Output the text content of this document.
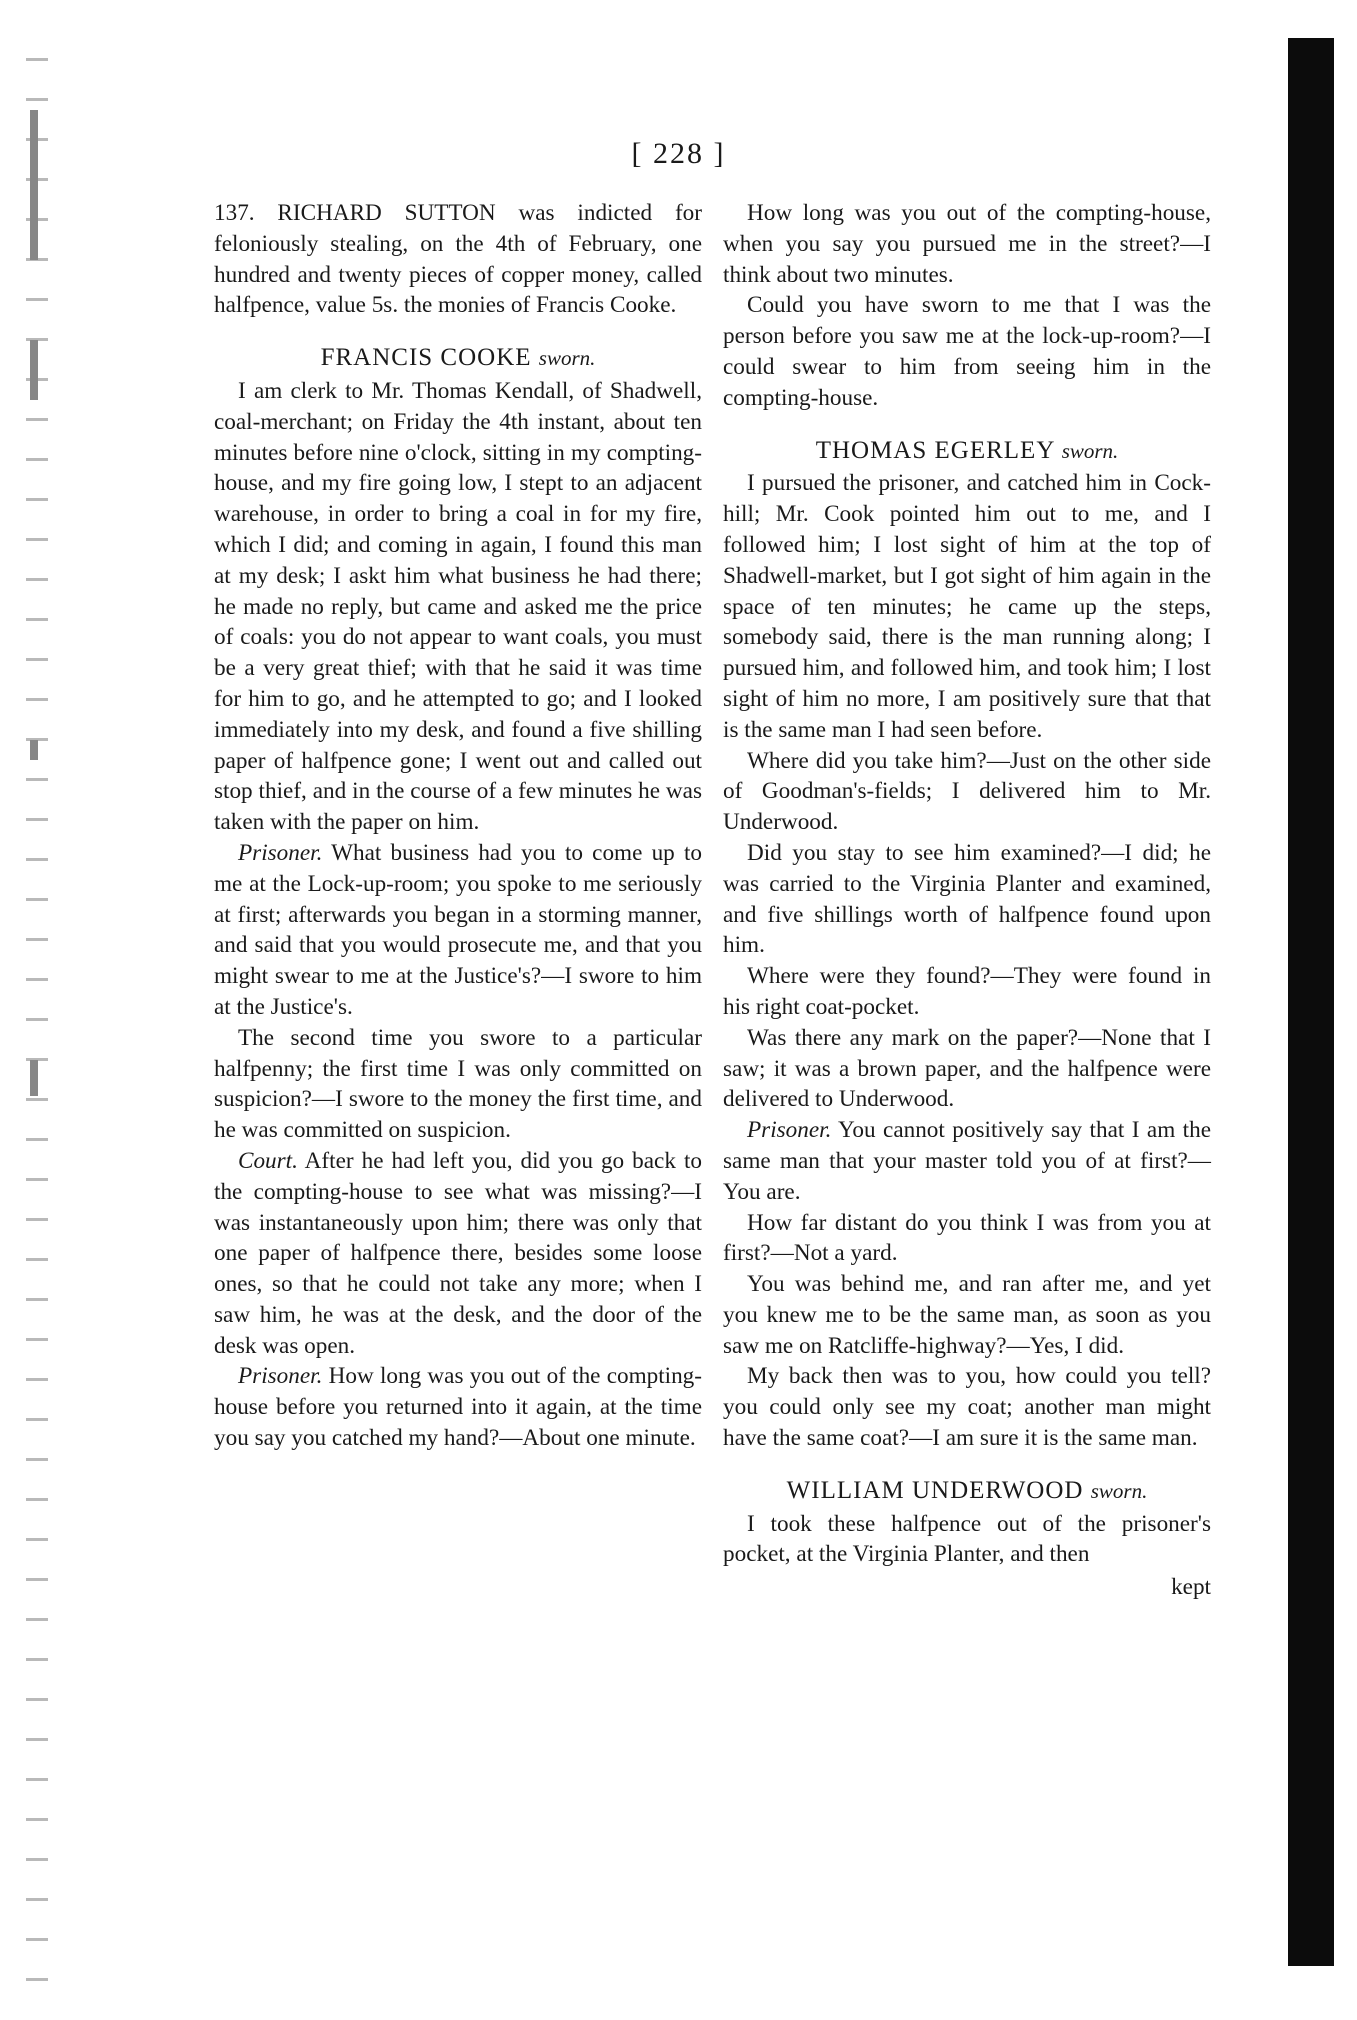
[ 228 ]

137. RICHARD SUTTON was indicted for feloniously stealing, on the 4th of February, one hundred and twenty pieces of copper money, called halfpence, value 5s. the monies of Francis Cooke.

FRANCIS COOKE sworn.

I am clerk to Mr. Thomas Kendall, of Shadwell, coal-merchant; on Friday the 4th instant, about ten minutes before nine o'clock, sitting in my compting-house, and my fire going low, I stept to an adjacent warehouse, in order to bring a coal in for my fire, which I did; and coming in again, I found this man at my desk; I askt him what business he had there; he made no reply, but came and asked me the price of coals: you do not appear to want coals, you must be a very great thief; with that he said it was time for him to go, and he attempted to go; and I looked immediately into my desk, and found a five shilling paper of halfpence gone; I went out and called out stop thief, and in the course of a few minutes he was taken with the paper on him.

Prisoner. What business had you to come up to me at the Lock-up-room; you spoke to me seriously at first; afterwards you began in a storming manner, and said that you would prosecute me, and that you might swear to me at the Justice's?—I swore to him at the Justice's.

The second time you swore to a particular halfpenny; the first time I was only committed on suspicion?—I swore to the money the first time, and he was committed on suspicion.

Court. After he had left you, did you go back to the compting-house to see what was missing?—I was instantaneously upon him; there was only that one paper of halfpence there, besides some loose ones, so that he could not take any more; when I saw him, he was at the desk, and the door of the desk was open.

Prisoner. How long was you out of the compting-house before you returned into it again, at the time you say you catched my hand?—About one minute.

How long was you out of the compting-house, when you say you pursued me in the street?—I think about two minutes.

Could you have sworn to me that I was the person before you saw me at the lock-up-room?—I could swear to him from seeing him in the compting-house.

THOMAS EGERLEY sworn.

I pursued the prisoner, and catched him in Cock-hill; Mr. Cook pointed him out to me, and I followed him; I lost sight of him at the top of Shadwell-market, but I got sight of him again in the space of ten minutes; he came up the steps, somebody said, there is the man running along; I pursued him, and followed him, and took him; I lost sight of him no more, I am positively sure that that is the same man I had seen before.

Where did you take him?—Just on the other side of Goodman's-fields; I delivered him to Mr. Underwood.

Did you stay to see him examined?—I did; he was carried to the Virginia Planter and examined, and five shillings worth of halfpence found upon him.

Where were they found?—They were found in his right coat-pocket.

Was there any mark on the paper?—None that I saw; it was a brown paper, and the halfpence were delivered to Underwood.

Prisoner. You cannot positively say that I am the same man that your master told you of at first?—You are.

How far distant do you think I was from you at first?—Not a yard.

You was behind me, and ran after me, and yet you knew me to be the same man, as soon as you saw me on Ratcliffe-highway?—Yes, I did.

My back then was to you, how could you tell? you could only see my coat; another man might have the same coat?—I am sure it is the same man.

WILLIAM UNDERWOOD sworn.

I took these halfpence out of the prisoner's pocket, at the Virginia Planter, and then

kept
